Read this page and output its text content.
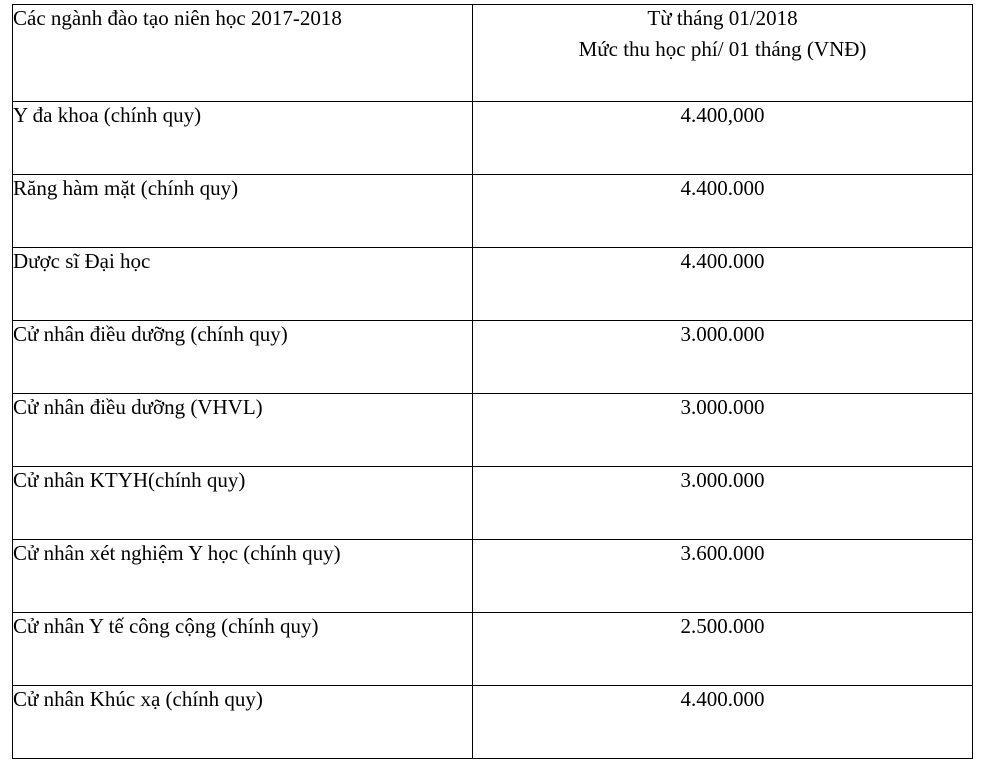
Các ngành đào tạo niên học 2017-2018	Từ tháng 01/2018
Mức thu học phí/ 01 tháng (VNĐ)

Y đa khoa (chính quy)	4.400,000
Răng hàm mặt (chính quy)	4.400.000
Dược sĩ Đại học	4.400.000
Cử nhân điều dưỡng (chính quy)	3.000.000
Cử nhân điều dưỡng (VHVL)	3.000.000
Cử nhân KTYH(chính quy)	3.000.000
Cử nhân xét nghiệm Y học (chính quy)	3.600.000
Cử nhân Y tế công cộng (chính quy)	2.500.000
Cử nhân Khúc xạ (chính quy)	4.400.000
